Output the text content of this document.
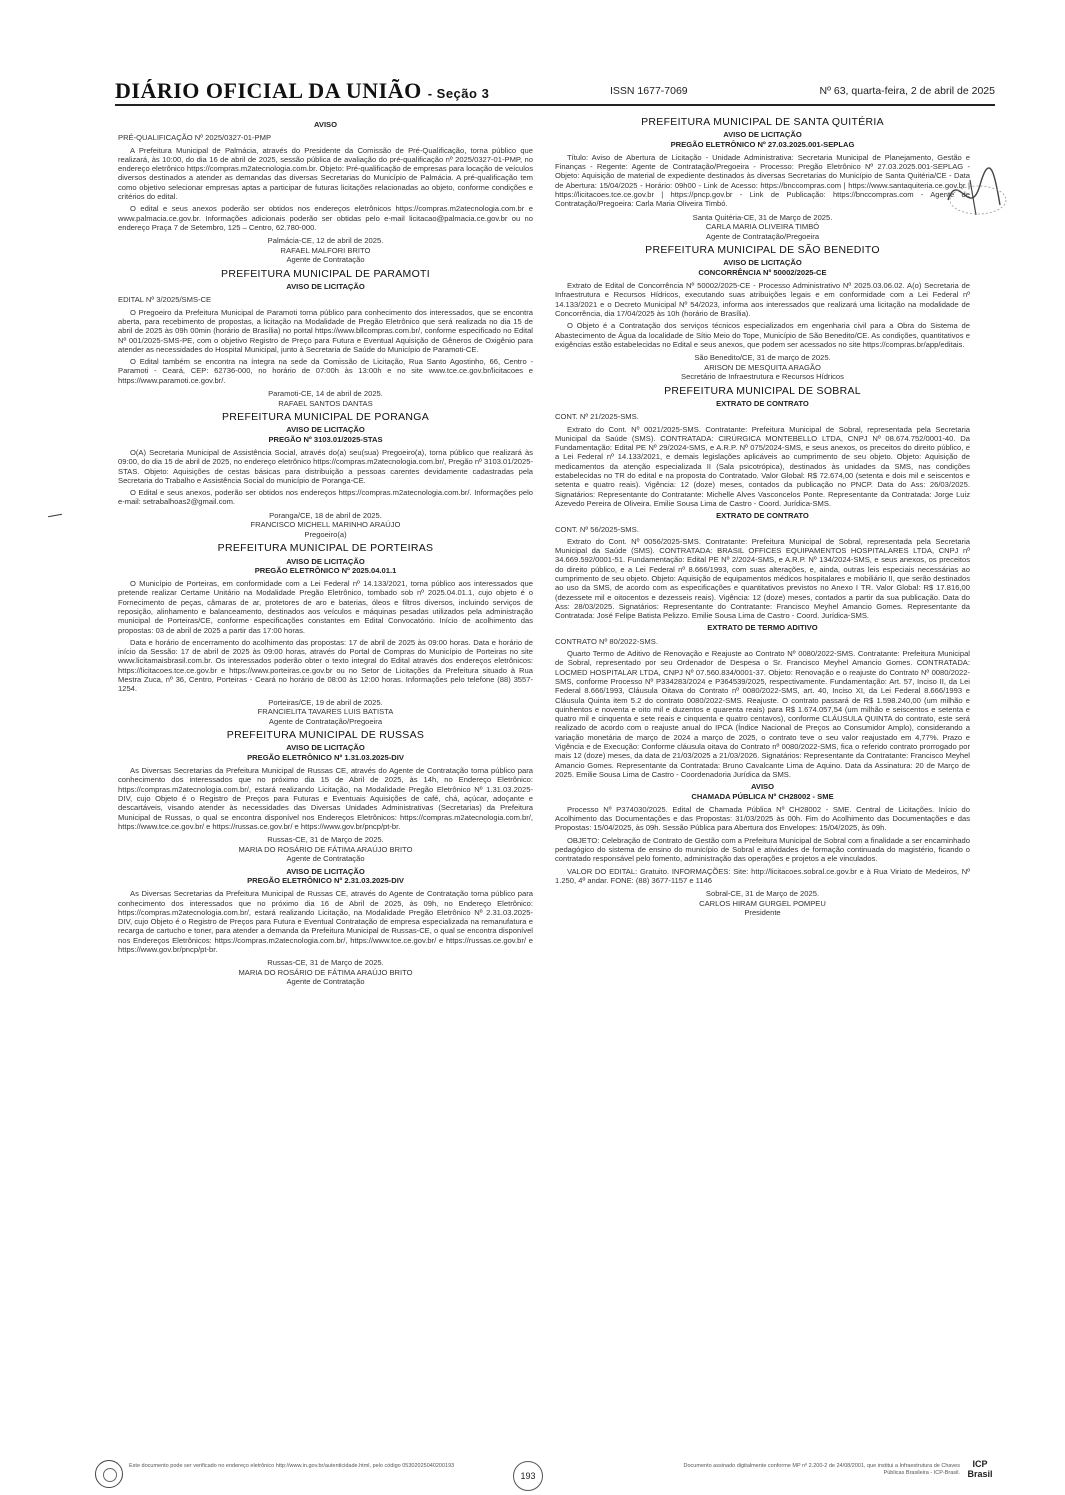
DIÁRIO OFICIAL DA UNIÃO - Seção 3	ISSN 1677-7069	Nº 63, quarta-feira, 2 de abril de 2025
AVISO

PRÉ-QUALIFICAÇÃO Nº 2025/0327-01-PMP

A Prefeitura Municipal de Palmácia, através do Presidente da Comissão de Pré-Qualificação, torna público que realizará, às 10:00, do dia 16 de abril de 2025, sessão pública de avaliação do pré-qualificação nº 2025/0327-01-PMP, no endereço eletrônico https://compras.m2atecnologia.com.br. Objeto: Pré-qualificação de empresas para locação de veículos diversos destinados a atender as demandas das diversas Secretarias do Município de Palmácia. A pré-qualificação tem como objetivo selecionar empresas aptas a participar de futuras licitações relacionadas ao objeto, conforme condições e critérios do edital.

O edital e seus anexos poderão ser obtidos nos endereços eletrônicos https://compras.m2atecnologia.com.br e www.palmacia.ce.gov.br. Informações adicionais poderão ser obtidas pelo e-mail licitacao@palmacia.ce.gov.br ou no endereço Praça 7 de Setembro, 125 – Centro, 62.780-000.

Palmácia-CE, 12 de abril de 2025.
RAFAEL MALFORI BRITO
Agente de Contratação
PREFEITURA MUNICIPAL DE PARAMOTI
AVISO DE LICITAÇÃO

EDITAL Nº 3/2025/SMS-CE

O Pregoeiro da Prefeitura Municipal de Paramoti torna público para conhecimento dos interessados, que se encontra aberta, para recebimento de propostas, a licitação na Modalidade de Pregão Eletrônico que será realizada no dia 15 de abril de 2025 às 09h 00min (horário de Brasília) no portal https://www.bllcompras.com.br/, conforme especificado no Edital Nº 001/2025-SMS-PE, com o objetivo Registro de Preço para Futura e Eventual Aquisição de Gêneros de Oxigênio para atender as necessidades do Hospital Municipal, junto à Secretaria de Saúde do Município de Paramoti-CE.

O Edital também se encontra na íntegra na sede da Comissão de Licitação, Rua Santo Agostinho, 66, Centro - Paramoti - Ceará, CEP: 62736-000, no horário de 07:00h às 13:00h e no site www.tce.ce.gov.br/licitacoes e https://www.paramoti.ce.gov.br/.

Paramoti-CE, 14 de abril de 2025.
RAFAEL SANTOS DANTAS
PREFEITURA MUNICIPAL DE PORANGA
AVISO DE LICITAÇÃO
PREGÃO Nº 3103.01/2025-STAS

O(A) Secretaria Municipal de Assistência Social, através do(a) seu(sua) Pregoeiro(a), torna público que realizará às 09:00, do dia 15 de abril de 2025, no endereço eletrônico https://compras.m2atecnologia.com.br/, Pregão nº 3103.01/2025-STAS. Objeto: Aquisições de cestas básicas para distribuição a pessoas carentes devidamente cadastradas pela Secretaria do Trabalho e Assistência Social do município de Poranga-CE.

O Edital e seus anexos, poderão ser obtidos nos endereços https://compras.m2atecnologia.com.br/. Informações pelo e-mail: setrabalhoas2@gmail.com.

Poranga/CE, 18 de abril de 2025.
FRANCISCO MICHELL MARINHO ARAÚJO
Pregoeiro(a)
PREFEITURA MUNICIPAL DE PORTEIRAS
AVISO DE LICITAÇÃO
PREGÃO ELETRÔNICO Nº 2025.04.01.1

O Município de Porteiras, em conformidade com a Lei Federal nº 14.133/2021, torna público aos interessados que pretende realizar Certame Unitário na Modalidade Pregão Eletrônico, tombado sob nº 2025.04.01.1, cujo objeto é o Fornecimento de peças, câmaras de ar, protetores de aro e baterias, óleos e filtros diversos, incluindo serviços de reposição, alinhamento e balanceamento, destinados aos veículos e máquinas pesadas utilizados pela administração municipal de Porteiras/CE, conforme especificações constantes em Edital Convocatório. Início de acolhimento das propostas: 03 de abril de 2025 a partir das 17:00 horas.

Data e horário de encerramento do acolhimento das propostas: 17 de abril de 2025 às 09:00 horas. Data e horário de início da Sessão: 17 de abril de 2025 às 09:00 horas, através do Portal de Compras do Município de Porteiras no site www.licitamaisbrasil.com.br. Os interessados poderão obter o texto integral do Edital através dos endereços eletrônicos: https://licitacoes.tce.ce.gov.br e https://www.porteiras.ce.gov.br ou no Setor de Licitações da Prefeitura situado à Rua Mestra Zuca, nº 36, Centro, Porteiras - Ceará no horário de 08:00 às 12:00 horas. Informações pelo telefone (88) 3557-1254.

Porteiras/CE, 19 de abril de 2025.
FRANCIELITA TAVARES LUIS BATISTA
Agente de Contratação/Pregoeira
PREFEITURA MUNICIPAL DE RUSSAS
AVISO DE LICITAÇÃO
PREGÃO ELETRÔNICO Nº 1.31.03.2025-DIV

As Diversas Secretarias da Prefeitura Municipal de Russas CE, através do Agente de Contratação torna público para conhecimento dos interessados que no próximo dia 15 de Abril de 2025, às 14h, no Endereço Eletrônico: https://compras.m2atecnologia.com.br/, estará realizando Licitação, na Modalidade Pregão Eletrônico Nº 1.31.03.2025-DIV, cujo Objeto é o Registro de Preços para Futuras e Eventuais Aquisições de café, chá, açúcar, adoçante e descartáveis, visando atender às necessidades das Diversas Unidades Administrativas (Secretarias) da Prefeitura Municipal de Russas, o qual se encontra disponível nos Endereços Eletrônicos: https://compras.m2atecnologia.com.br/, https://www.tce.ce.gov.br/ e https://russas.ce.gov.br/ e https://www.gov.br/pncp/pt-br.

Russas-CE, 31 de Março de 2025.
MARIA DO ROSÁRIO DE FÁTIMA ARAÚJO BRITO
Agente de Contratação
AVISO DE LICITAÇÃO
PREGÃO ELETRÔNICO Nº 2.31.03.2025-DIV

As Diversas Secretarias da Prefeitura Municipal de Russas CE, através do Agente de Contratação torna público para conhecimento dos interessados que no próximo dia 16 de Abril de 2025, às 09h, no Endereço Eletrônico: https://compras.m2atecnologia.com.br/, estará realizando Licitação, na Modalidade Pregão Eletrônico Nº 2.31.03.2025-DIV, cujo Objeto é o Registro de Preços para Futura e Eventual Contratação de empresa especializada na remanufatura e recarga de cartucho e toner, para atender a demanda da Prefeitura Municipal de Russas-CE, o qual se encontra disponível nos Endereços Eletrônicos: https://compras.m2atecnologia.com.br/, https://www.tce.ce.gov.br/ e https://russas.ce.gov.br/ e https://www.gov.br/pncp/pt-br.

Russas-CE, 31 de Março de 2025.
MARIA DO ROSÁRIO DE FÁTIMA ARAÚJO BRITO
Agente de Contratação
PREFEITURA MUNICIPAL DE SANTA QUITÉRIA
AVISO DE LICITAÇÃO
PREGÃO ELETRÔNICO Nº 27.03.2025.001-SEPLAG

Título: Aviso de Abertura de Licitação - Unidade Administrativa: Secretaria Municipal de Planejamento, Gestão e Finanças - Regente: Agente de Contratação/Pregoeira - Processo: Pregão Eletrônico Nº 27.03.2025.001-SEPLAG - Objeto: Aquisição de material de expediente destinados às diversas Secretarias do Município de Santa Quitéria/CE - Data de Abertura: 15/04/2025 - Horário: 09h00 - Link de Acesso: https://bnccompras.com | https://www.santaquiteria.ce.gov.br | https://licitacoes.tce.ce.gov.br | https://pncp.gov.br - Link de Publicação: https://bnccompras.com - Agente de Contratação/Pregoeira: Carla Maria Oliveira Timbó.

Santa Quitéria-CE, 31 de Março de 2025.
CARLA MARIA OLIVEIRA TIMBÓ
Agente de Contratação/Pregoeira
PREFEITURA MUNICIPAL DE SÃO BENEDITO
AVISO DE LICITAÇÃO
CONCORRÊNCIA Nº 50002/2025-CE

Extrato de Edital de Concorrência Nº 50002/2025-CE - Processo Administrativo Nº 2025.03.06.02. A(o) Secretaria de Infraestrutura e Recursos Hídricos, executando suas atribuições legais e em conformidade com a Lei Federal nº 14.133/2021 e o Decreto Municipal Nº 54/2023, informa aos interessados que realizará uma licitação na modalidade de Concorrência, dia 17/04/2025 às 10h (horário de Brasília).

O Objeto é a Contratação dos serviços técnicos especializados em engenharia civil para a Obra do Sistema de Abastecimento de Água da localidade de Sítio Meio do Tope, Município de São Benedito/CE. As condições, quantitativos e exigências estão estabelecidas no Edital e seus anexos, que podem ser acessados no site https://compras.br/app/editais.

São Benedito/CE, 31 de março de 2025.
ARISON DE MESQUITA ARAGÃO
Secretário de Infraestrutura e Recursos Hídricos
PREFEITURA MUNICIPAL DE SOBRAL
EXTRATO DE CONTRATO

CONT. Nº 21/2025-SMS.

Extrato do Cont. Nº 0021/2025-SMS. Contratante: Prefeitura Municipal de Sobral, representada pela Secretaria Municipal da Saúde (SMS). CONTRATADA: CIRÚRGICA MONTEBELLO LTDA, CNPJ Nº 08.674.752/0001-40. Da Fundamentação: Edital PE Nº 29/2024-SMS, e A.R.P. Nº 075/2024-SMS, e seus anexos, os preceitos do direito público, e a Lei Federal nº 14.133/2021, e demais legislações aplicáveis ao cumprimento de seu objeto. Objeto: Aquisição de medicamentos da atenção especializada II (Sala psicotrópica), destinados às unidades da SMS, nas condições estabelecidas no TR do edital e na proposta do Contratado. Valor Global: R$ 72.674,00 (setenta e dois mil e seiscentos e setenta e quatro reais). Vigência: 12 (doze) meses, contados da publicação no PNCP. Data do Ass: 26/03/2025. Signatários: Representante do Contratante: Michelle Alves Vasconcelos Ponte. Representante da Contratada: Jorge Luiz Azevedo Pereira de Oliveira. Emilie Sousa Lima de Castro - Coord. Jurídica-SMS.

EXTRATO DE CONTRATO

CONT. Nº 56/2025-SMS.

Extrato do Cont. Nº 0056/2025-SMS. Contratante: Prefeitura Municipal de Sobral, representada pela Secretaria Municipal da Saúde (SMS). CONTRATADA: BRASIL OFFICES EQUIPAMENTOS HOSPITALARES LTDA, CNPJ nº 34.669.592/0001-51. Fundamentação: Edital PE Nº 2/2024-SMS, e A.R.P. Nº 134/2024-SMS, e seus anexos, os preceitos do direito público, e a Lei Federal nº 8.666/1993, com suas alterações, e, ainda, outras leis especiais necessárias ao cumprimento de seu objeto. Objeto: Aquisição de equipamentos médicos hospitalares e mobiliário II, que serão destinados ao uso da SMS, de acordo com as especificações e quantitativos previstos no Anexo I TR. Valor Global: R$ 17.816,00 (dezessete mil e oitocentos e dezesseis reais). Vigência: 12 (doze) meses, contados a partir da sua publicação. Data do Ass: 28/03/2025. Signatários: Representante do Contratante: Francisco Meyhel Amancio Gomes. Representante da Contratada: José Felipe Batista Pelizzo. Emilie Sousa Lima de Castro - Coord. Jurídica-SMS.

EXTRATO DE TERMO ADITIVO

CONTRATO Nº 80/2022-SMS.

Quarto Termo de Aditivo de Renovação e Reajuste ao Contrato Nº 0080/2022-SMS. Contratante: Prefeitura Municipal de Sobral, representado por seu Ordenador de Despesa o Sr. Francisco Meyhel Amancio Gomes. CONTRATADA: LOCMED HOSPITALAR LTDA, CNPJ Nº 07.560.834/0001-37. Objeto: Renovação e o reajuste do Contrato Nº 0080/2022-SMS, conforme Processo Nº P334283/2024 e P364539/2025, respectivamente. Fundamentação: Art. 57, Inciso II, da Lei Federal 8.666/1993, Cláusula Oitava do Contrato nº 0080/2022-SMS, art. 40, Inciso XI, da Lei Federal 8.666/1993 e Cláusula Quinta item 5.2 do contrato 0080/2022-SMS. Reajuste. O contrato passará de R$ 1.598.240,00 (um milhão e quinhentos e noventa e oito mil e duzentos e quarenta reais) para R$ 1.674.057,54 (um milhão e seiscentos e setenta e quatro mil e cinquenta e sete reais e cinquenta e quatro centavos), conforme CLÁUSULA QUINTA do contrato, este será realizado de acordo com o reajuste anual do IPCA (Índice Nacional de Preços ao Consumidor Amplo), considerando a variação monetária de março de 2024 a março de 2025, o contrato teve o seu valor reajustado em 4,77%. Prazo e Vigência e de Execução: Conforme cláusula oitava do Contrato nº 0080/2022-SMS, fica o referido contrato prorrogado por mais 12 (doze) meses, da data de 21/03/2025 a 21/03/2026. Signatários: Representante da Contratante: Francisco Meyhel Amancio Gomes. Representante da Contratada: Bruno Cavalcante Lima de Aquino. Data da Assinatura: 20 de Março de 2025. Emilie Sousa Lima de Castro - Coordenadoria Jurídica da SMS.

AVISO
CHAMADA PÚBLICA Nº CH28002 - SME

Processo Nº P374030/2025. Edital de Chamada Pública Nº CH28002 - SME. Central de Licitações. Início do Acolhimento das Documentações e das Propostas: 31/03/2025 às 00h. Fim do Acolhimento das Documentações e das Propostas: 15/04/2025, às 09h. Sessão Pública para Abertura dos Envelopes: 15/04/2025, às 09h.

OBJETO: Celebração de Contrato de Gestão com a Prefeitura Municipal de Sobral com a finalidade a ser encaminhado pedagógico do sistema de ensino do município de Sobral e atividades de formação continuada do magistério, ficando o contratado responsável pelo fomento, administração das operações e projetos a ele vinculados.

VALOR DO EDITAL: Gratuito. INFORMAÇÕES: Site: http://licitacoes.sobral.ce.gov.br e à Rua Viriato de Medeiros, Nº 1.250, 4º andar. FONE: (88) 3677-1157 e 1146

Sobral-CE, 31 de Março de 2025.
CARLOS HIRAM GURGEL POMPEU
Presidente
Este documento pode ser verificado no endereço eletrônico http://www.in.gov.br/autenticidade.html, pelo código 05302025040200193
193
Documento assinado digitalmente conforme MP nº 2.200-2 de 24/08/2001, que institui a Infraestrutura de Chaves Públicas Brasileira - ICP-Brasil.
ICP Brasil
